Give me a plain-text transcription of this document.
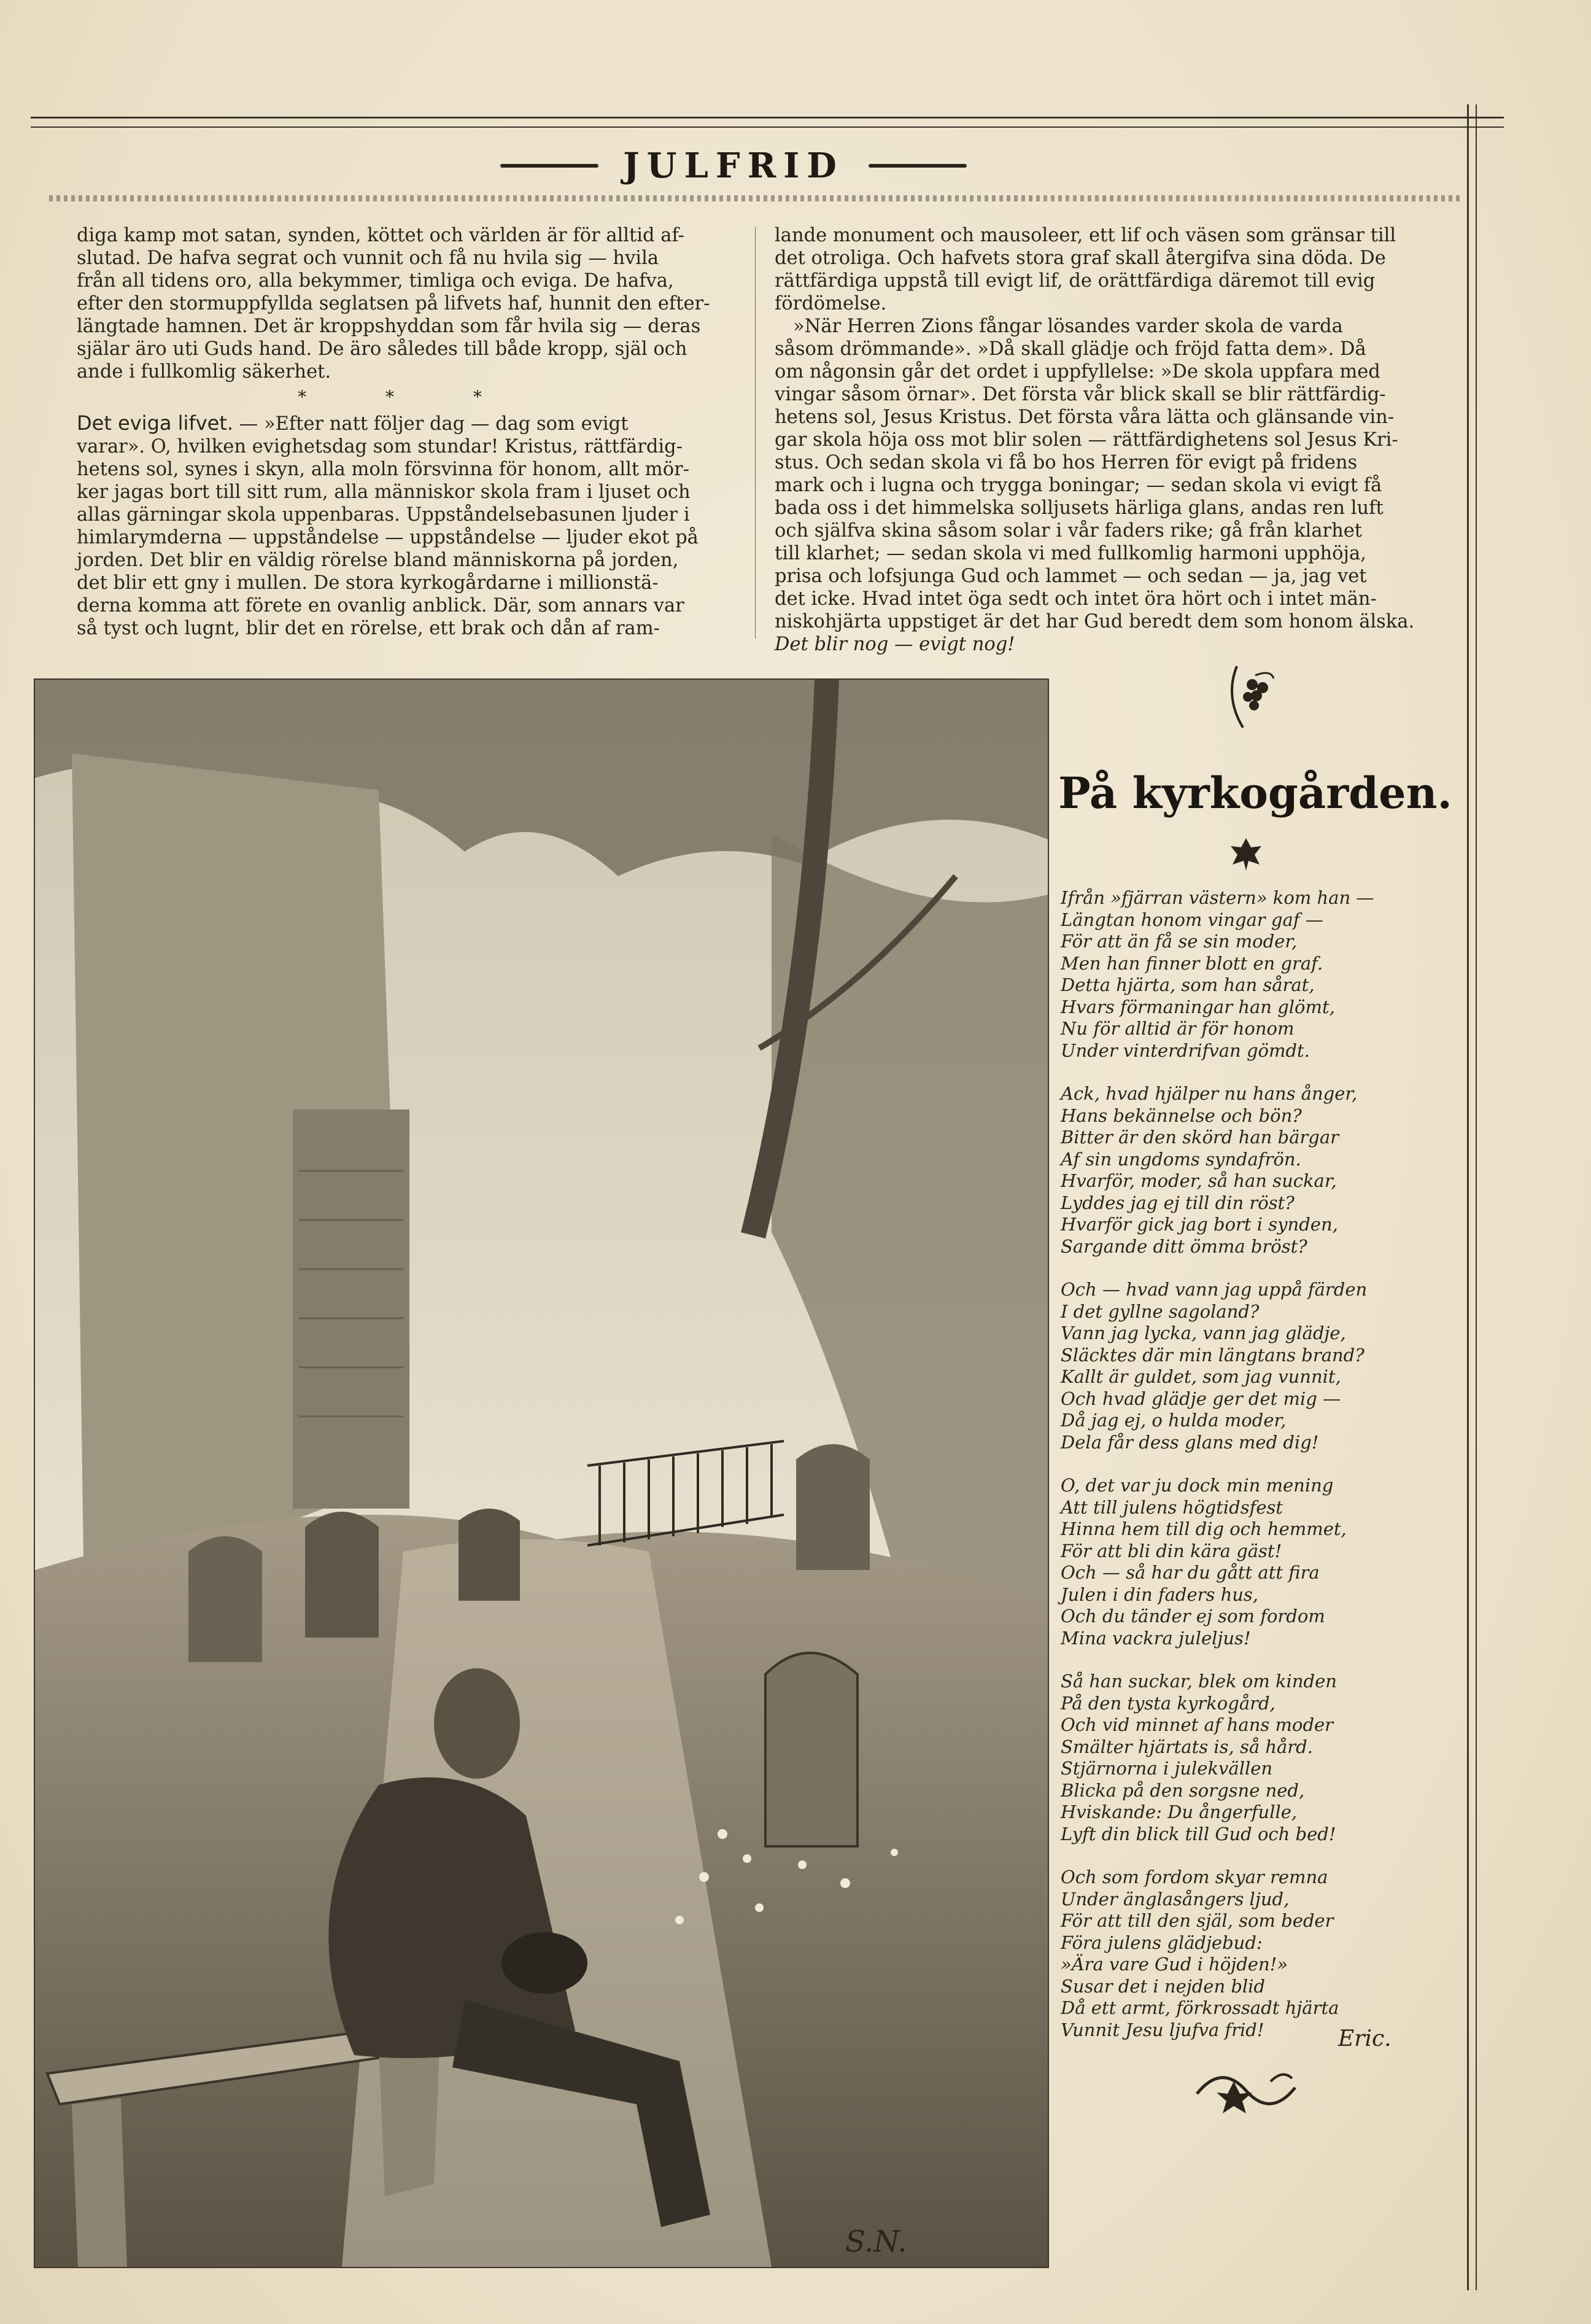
JULFRID
diga kamp mot satan, synden, köttet och världen är för alltid af-
slutad. De hafva segrat och vunnit och få nu hvila sig — hvila
från all tidens oro, alla bekymmer, timliga och eviga. De hafva,
efter den stormuppfyllda seglatsen på lifvets haf, hunnit den efter-
längtade hamnen. Det är kroppshyddan som får hvila sig — deras
själar äro uti Guds hand. De äro således till både kropp, själ och
ande i fullkomlig säkerhet.
* * *
Det eviga lifvet. — »Efter natt följer dag — dag som evigt
varar». O, hvilken evighetsdag som stundar! Kristus, rättfärdig-
hetens sol, synes i skyn, alla moln försvinna för honom, allt mör-
ker jagas bort till sitt rum, alla människor skola fram i ljuset och
allas gärningar skola uppenbaras. Uppståndelsebasunen ljuder i
himlarymderna — uppståndelse — uppståndelse — ljuder ekot på
jorden. Det blir en väldig rörelse bland människorna på jorden,
det blir ett gny i mullen. De stora kyrkogårdarne i millionstä-
derna komma att förete en ovanlig anblick. Där, som annars var
så tyst och lugnt, blir det en rörelse, ett brak och dån af ram-
lande monument och mausoleer, ett lif och väsen som gränsar till
det otroliga. Och hafvets stora graf skall återgifva sina döda. De
rättfärdiga uppstå till evigt lif, de orättfärdiga däremot till evig
fördömelse.
»När Herren Zions fångar lösandes varder skola de varda
såsom drömmande». »Då skall glädje och fröjd fatta dem». Då
om någonsin går det ordet i uppfyllelse: »De skola uppfara med
vingar såsom örnar». Det första vår blick skall se blir rättfärdig-
hetens sol, Jesus Kristus. Det första våra lätta och glänsande vin-
gar skola höja oss mot blir solen — rättfärdighetens sol Jesus Kri-
stus. Och sedan skola vi få bo hos Herren för evigt på fridens
mark och i lugna och trygga boningar; — sedan skola vi evigt få
bada oss i det himmelska solljusets härliga glans, andas ren luft
och själfva skina såsom solar i vår faders rike; gå från klarhet
till klarhet; — sedan skola vi med fullkomlig harmoni upphöja,
prisa och lofsjunga Gud och lammet — och sedan — ja, jag vet
det icke. Hvad intet öga sedt och intet öra hört och i intet män-
niskohjärta uppstiget är det har Gud beredt dem som honom älska.
Det blir nog — evigt nog!
S.N.
På kyrkogården.
Ifrån »fjärran västern» kom han —
Längtan honom vingar gaf —
För att än få se sin moder,
Men han finner blott en graf.
Detta hjärta, som han sårat,
Hvars förmaningar han glömt,
Nu för alltid är för honom
Under vinterdrifvan gömdt.
Ack, hvad hjälper nu hans ånger,
Hans bekännelse och bön?
Bitter är den skörd han bärgar
Af sin ungdoms syndafrön.
Hvarför, moder, så han suckar,
Lyddes jag ej till din röst?
Hvarför gick jag bort i synden,
Sargande ditt ömma bröst?
Och — hvad vann jag uppå färden
I det gyllne sagoland?
Vann jag lycka, vann jag glädje,
Släcktes där min längtans brand?
Kallt är guldet, som jag vunnit,
Och hvad glädje ger det mig —
Då jag ej, o hulda moder,
Dela får dess glans med dig!
O, det var ju dock min mening
Att till julens högtidsfest
Hinna hem till dig och hemmet,
För att bli din kära gäst!
Och — så har du gått att fira
Julen i din faders hus,
Och du tänder ej som fordom
Mina vackra juleljus!
Så han suckar, blek om kinden
På den tysta kyrkogård,
Och vid minnet af hans moder
Smälter hjärtats is, så hård.
Stjärnorna i julekvällen
Blicka på den sorgsne ned,
Hviskande: Du ångerfulle,
Lyft din blick till Gud och bed!
Och som fordom skyar remna
Under änglasångers ljud,
För att till den själ, som beder
Föra julens glädjebud:
»Ära vare Gud i höjden!»
Susar det i nejden blid
Då ett armt, förkrossadt hjärta
Vunnit Jesu ljufva frid!	Eric.
